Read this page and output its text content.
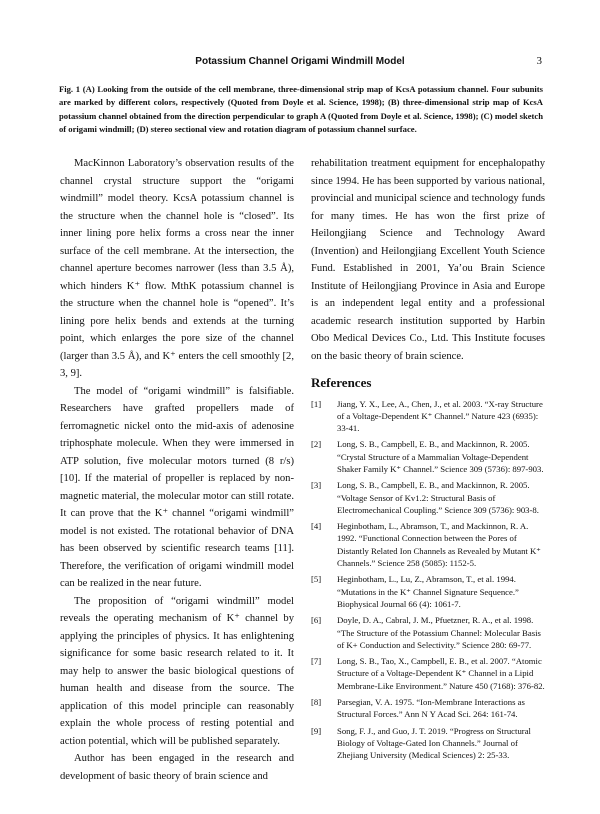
Potassium Channel Origami Windmill Model	3
Fig. 1 (A) Looking from the outside of the cell membrane, three-dimensional strip map of KcsA potassium channel. Four subunits are marked by different colors, respectively (Quoted from Doyle et al. Science, 1998); (B) three-dimensional strip map of KcsA potassium channel obtained from the direction perpendicular to graph A (Quoted from Doyle et al. Science, 1998); (C) model sketch of origami windmill; (D) stereo sectional view and rotation diagram of potassium channel surface.

MacKinnon Laboratory’s observation results of the channel crystal structure support the “origami windmill” model theory. KcsA potassium channel is the structure when the channel hole is “closed”. Its inner lining pore helix forms a cross near the inner surface of the cell membrane. At the intersection, the channel aperture becomes narrower (less than 3.5 Å), which hinders K⁺ flow. MthK potassium channel is the structure when the channel hole is “opened”. It’s lining pore helix bends and extends at the turning point, which enlarges the pore size of the channel (larger than 3.5 Å), and K⁺ enters the cell smoothly [2, 3, 9].

The model of “origami windmill” is falsifiable. Researchers have grafted propellers made of ferromagnetic nickel onto the mid-axis of adenosine triphosphate molecule. When they were immersed in ATP solution, five molecular motors turned (8 r/s) [10]. If the material of propeller is replaced by non-magnetic material, the molecular motor can still rotate. It can prove that the K⁺ channel “origami windmill” model is not existed. The rotational behavior of DNA has been observed by scientific research teams [11]. Therefore, the verification of origami windmill model can be realized in the near future.

The proposition of “origami windmill” model reveals the operating mechanism of K⁺ channel by applying the principles of physics. It has enlightening significance for some basic research related to it. It may help to answer the basic biological questions of human health and disease from the source. The application of this model principle can reasonably explain the whole process of resting potential and action potential, which will be published separately.

Author has been engaged in the research and development of basic theory of brain science and

rehabilitation treatment equipment for encephalopathy since 1994. He has been supported by various national, provincial and municipal science and technology funds for many times. He has won the first prize of Heilongjiang Science and Technology Award (Invention) and Heilongjiang Excellent Youth Science Fund. Established in 2001, Ya’ou Brain Science Institute of Heilongjiang Province in Asia and Europe is an independent legal entity and a professional academic research institution supported by Harbin Obo Medical Devices Co., Ltd. This Institute focuses on the basic theory of brain science.

References
[1]	Jiang, Y. X., Lee, A., Chen, J., et al. 2003. “X-ray Structure of a Voltage-Dependent K⁺ Channel.” Nature 423 (6935): 33-41.
[2]	Long, S. B., Campbell, E. B., and Mackinnon, R. 2005. “Crystal Structure of a Mammalian Voltage-Dependent Shaker Family K⁺ Channel.” Science 309 (5736): 897-903.
[3]	Long, S. B., Campbell, E. B., and Mackinnon, R. 2005. “Voltage Sensor of Kv1.2: Structural Basis of Electromechanical Coupling.” Science 309 (5736): 903-8.
[4]	Heginbotham, L., Abramson, T., and Mackinnon, R. A. 1992. “Functional Connection between the Pores of Distantly Related Ion Channels as Revealed by Mutant K⁺ Channels.” Science 258 (5085): 1152-5.
[5]	Heginbotham, L., Lu, Z., Abramson, T., et al. 1994. “Mutations in the K⁺ Channel Signature Sequence.” Biophysical Journal 66 (4): 1061-7.
[6]	Doyle, D. A., Cabral, J. M., Pfuetzner, R. A., et al. 1998. “The Structure of the Potassium Channel: Molecular Basis of K+ Conduction and Selectivity.” Science 280: 69-77.
[7]	Long, S. B., Tao, X., Campbell, E. B., et al. 2007. “Atomic Structure of a Voltage-Dependent K⁺ Channel in a Lipid Membrane-Like Environment.” Nature 450 (7168): 376-82.
[8]	Parsegian, V. A. 1975. “Ion-Membrane Interactions as Structural Forces.” Ann N Y Acad Sci. 264: 161-74.
[9]	Song, F. J., and Guo, J. T. 2019. “Progress on Structural Biology of Voltage-Gated Ion Channels.” Journal of Zhejiang University (Medical Sciences) 2: 25-33.
